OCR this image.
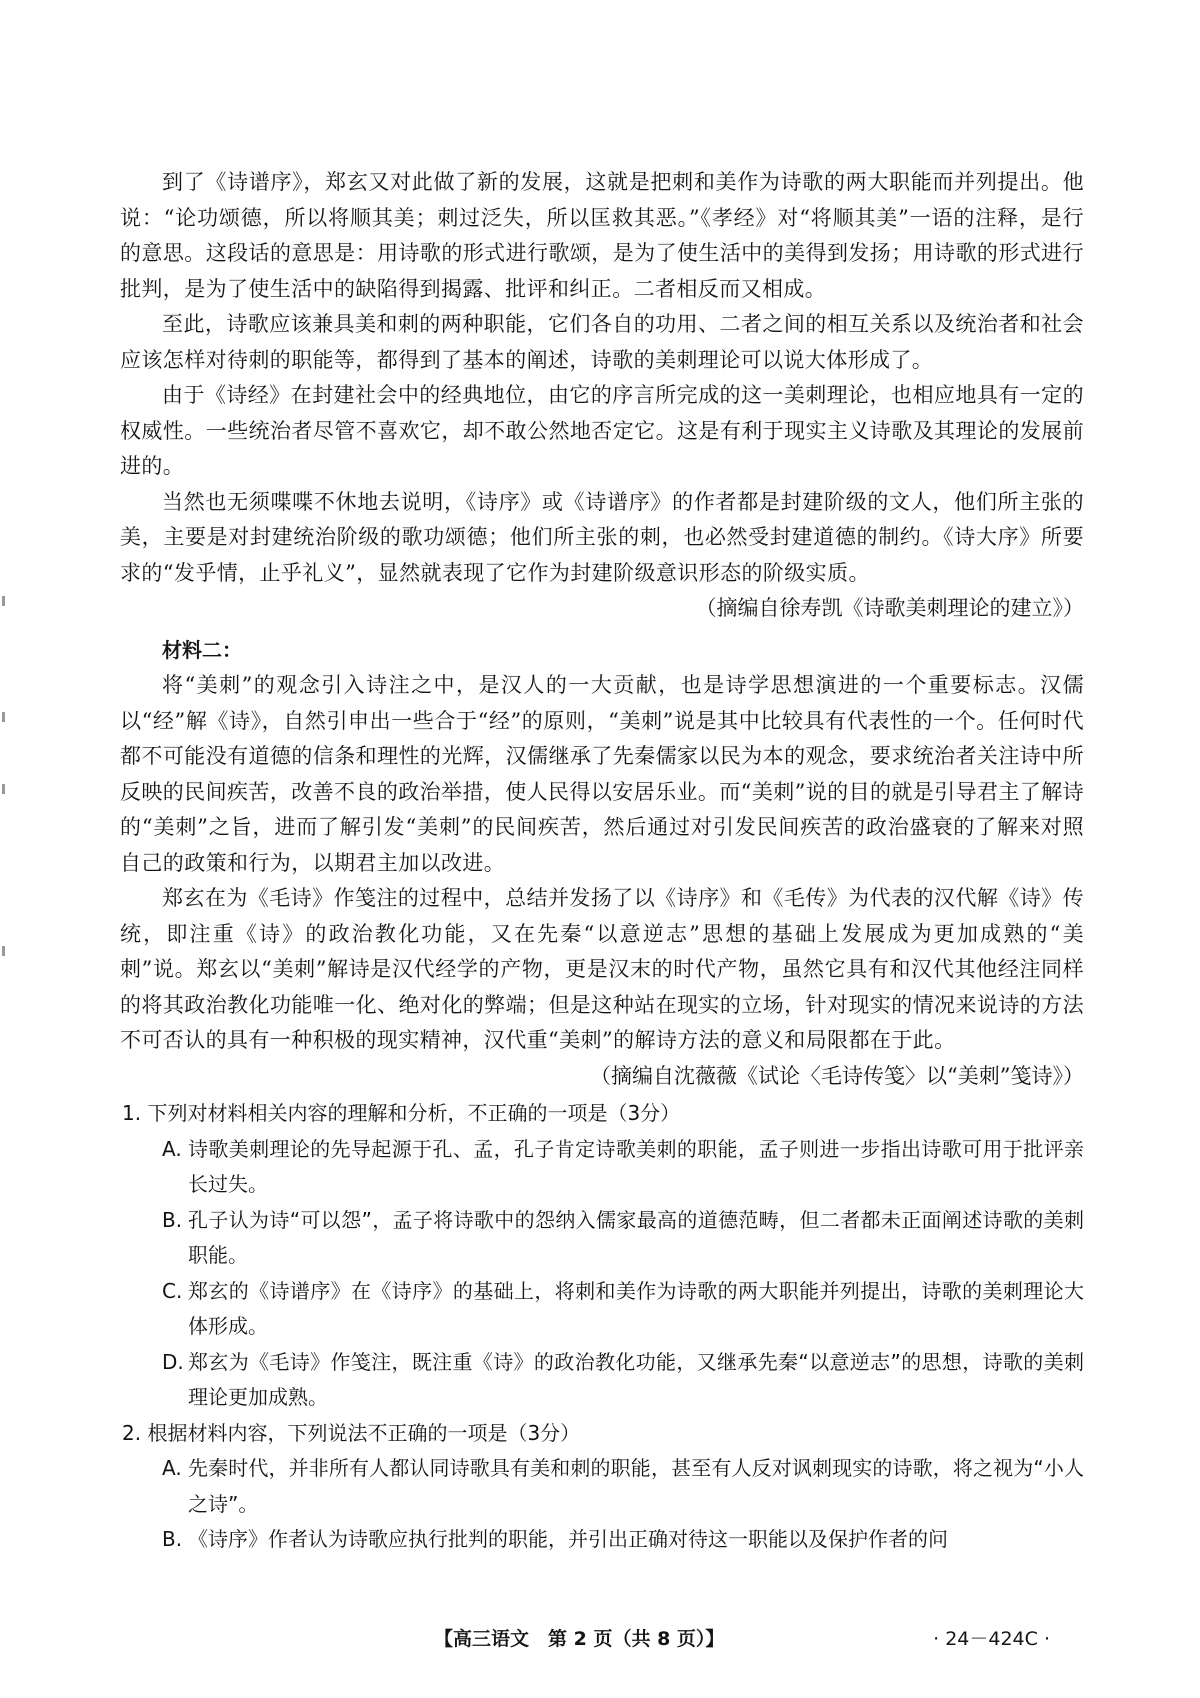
到了《诗谱序》，郑玄又对此做了新的发展，这就是把刺和美作为诗歌的两大职能而并列提出。他说：“论功颂德，所以将顺其美；刺过泛失，所以匡救其恶。”《孝经》对“将顺其美”一语的注释，是行的意思。这段话的意思是：用诗歌的形式进行歌颂，是为了使生活中的美得到发扬；用诗歌的形式进行批判，是为了使生活中的缺陷得到揭露、批评和纠正。二者相反而又相成。

至此，诗歌应该兼具美和刺的两种职能，它们各自的功用、二者之间的相互关系以及统治者和社会应该怎样对待刺的职能等，都得到了基本的阐述，诗歌的美刺理论可以说大体形成了。

由于《诗经》在封建社会中的经典地位，由它的序言所完成的这一美刺理论，也相应地具有一定的权威性。一些统治者尽管不喜欢它，却不敢公然地否定它。这是有利于现实主义诗歌及其理论的发展前进的。

当然也无须喋喋不休地去说明，《诗序》或《诗谱序》的作者都是封建阶级的文人，他们所主张的美，主要是对封建统治阶级的歌功颂德；他们所主张的刺，也必然受封建道德的制约。《诗大序》所要求的“发乎情，止乎礼义”，显然就表现了它作为封建阶级意识形态的阶级实质。

（摘编自徐寿凯《诗歌美刺理论的建立》）

材料二：

将“美刺”的观念引入诗注之中，是汉人的一大贡献，也是诗学思想演进的一个重要标志。汉儒以“经”解《诗》，自然引申出一些合于“经”的原则，“美刺”说是其中比较具有代表性的一个。任何时代都不可能没有道德的信条和理性的光辉，汉儒继承了先秦儒家以民为本的观念，要求统治者关注诗中所反映的民间疾苦，改善不良的政治举措，使人民得以安居乐业。而“美刺”说的目的就是引导君主了解诗的“美刺”之旨，进而了解引发“美刺”的民间疾苦，然后通过对引发民间疾苦的政治盛衰的了解来对照自己的政策和行为，以期君主加以改进。

郑玄在为《毛诗》作笺注的过程中，总结并发扬了以《诗序》和《毛传》为代表的汉代解《诗》传统，即注重《诗》的政治教化功能，又在先秦“以意逆志”思想的基础上发展成为更加成熟的“美刺”说。郑玄以“美刺”解诗是汉代经学的产物，更是汉末的时代产物，虽然它具有和汉代其他经注同样的将其政治教化功能唯一化、绝对化的弊端；但是这种站在现实的立场，针对现实的情况来说诗的方法不可否认的具有一种积极的现实精神，汉代重“美刺”的解诗方法的意义和局限都在于此。

（摘编自沈薇薇《试论〈毛诗传笺〉以“美刺”笺诗》）

1. 下列对材料相关内容的理解和分析，不正确的一项是（3分）

A. 诗歌美刺理论的先导起源于孔、孟，孔子肯定诗歌美刺的职能，孟子则进一步指出诗歌可用于批评亲长过失。
B. 孔子认为诗“可以怨”，孟子将诗歌中的怨纳入儒家最高的道德范畴，但二者都未正面阐述诗歌的美刺职能。
C. 郑玄的《诗谱序》在《诗序》的基础上，将刺和美作为诗歌的两大职能并列提出，诗歌的美刺理论大体形成。
D. 郑玄为《毛诗》作笺注，既注重《诗》的政治教化功能，又继承先秦“以意逆志”的思想，诗歌的美刺理论更加成熟。

2. 根据材料内容，下列说法不正确的一项是（3分）

A. 先秦时代，并非所有人都认同诗歌具有美和刺的职能，甚至有人反对讽刺现实的诗歌，将之视为“小人之诗”。
B. 《诗序》作者认为诗歌应执行批判的职能，并引出正确对待这一职能以及保护作者的问
【高三语文　第 2 页（共 8 页）】	· 24－424C ·
